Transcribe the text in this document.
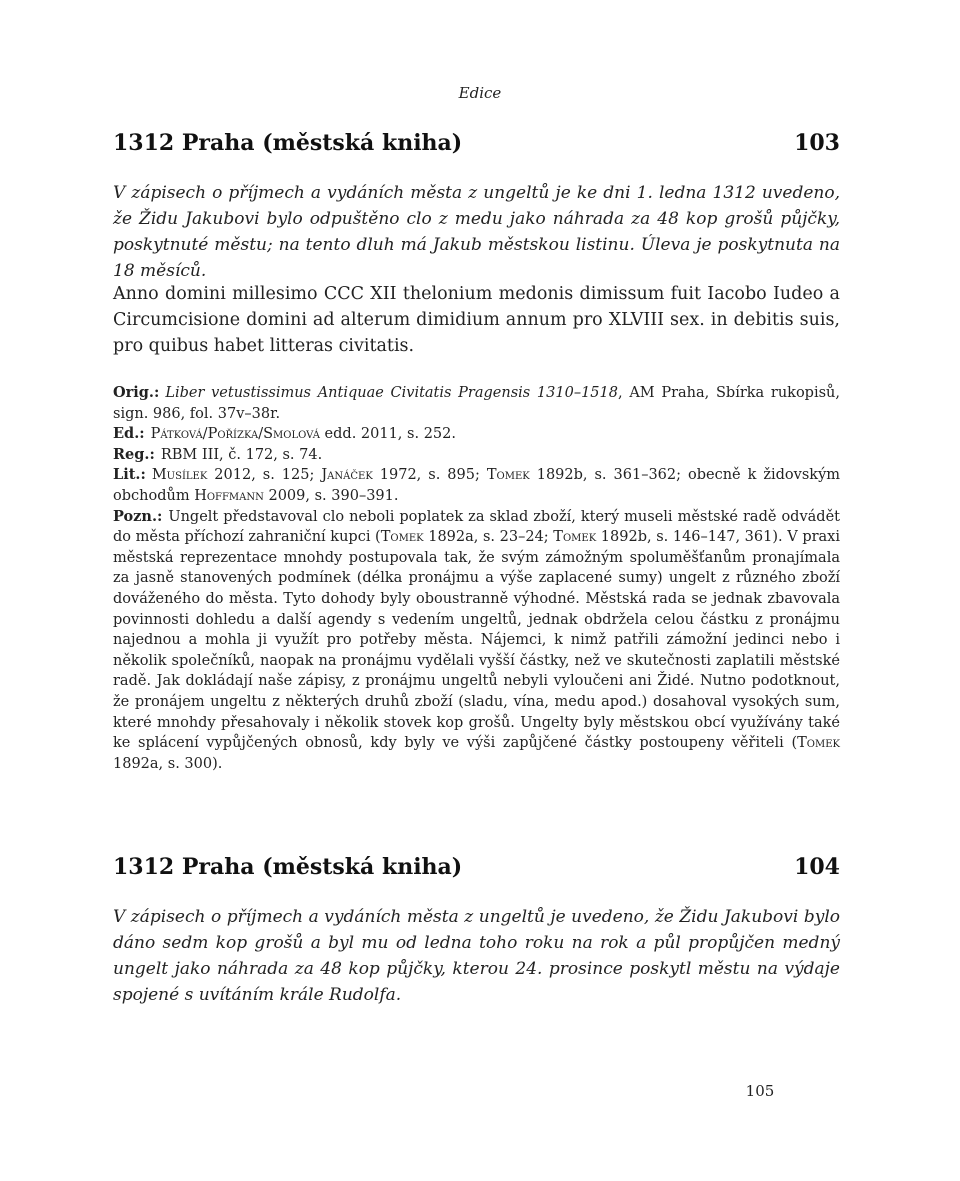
Edice
1312 Praha (městská kniha)	103

V zápisech o příjmech a vydáních města z ungeltů je ke dni 1. ledna 1312 uvedeno, že Židu Jakubovi bylo odpuštěno clo z medu jako náhrada za 48 kop grošů půjčky, poskytnuté městu; na tento dluh má Jakub městskou listinu. Úleva je poskytnuta na 18 měsíců.

Anno domini millesimo CCC XII thelonium medonis dimissum fuit Iacobo Iudeo a Circumcisione domini ad alterum dimidium annum pro XLVIII sex. in debitis suis, pro quibus habet litteras civitatis.

Orig.: Liber vetustissimus Antiquae Civitatis Pragensis 1310–1518, AM Praha, Sbírka rukopisů, sign. 986, fol. 37v–38r.

Ed.: Pátková/Pořízka/Smolová edd. 2011, s. 252.

Reg.: RBM III, č. 172, s. 74.

Lit.: Musílek 2012, s. 125; Janáček 1972, s. 895; Tomek 1892b, s. 361–362; obecně k židovským obchodům Hoffmann 2009, s. 390–391.

Pozn.: Ungelt představoval clo neboli poplatek za sklad zboží, který museli městské radě odvádět do města příchozí zahraniční kupci (Tomek 1892a, s. 23–24; Tomek 1892b, s. 146–147, 361). V praxi městská reprezentace mnohdy postupovala tak, že svým zámožným spoluměšťanům pronajímala za jasně stanovených podmínek (délka pronájmu a výše zaplacené sumy) ungelt z různého zboží dováženého do města. Tyto dohody byly oboustranně výhodné. Městská rada se jednak zbavovala povinnosti dohledu a další agendy s vedením ungeltů, jednak obdržela celou částku z pronájmu najednou a mohla ji využít pro potřeby města. Nájemci, k nimž patřili zámožní jedinci nebo i několik společníků, naopak na pronájmu vydělali vyšší částky, než ve skutečnosti zaplatili městské radě. Jak dokládají naše zápisy, z pronájmu ungeltů nebyli vyloučeni ani Židé. Nutno podotknout, že pronájem ungeltu z některých druhů zboží (sladu, vína, medu apod.) dosahoval vysokých sum, které mnohdy přesahovaly i několik stovek kop grošů. Ungelty byly městskou obcí využívány také ke splácení vypůjčených obnosů, kdy byly ve výši zapůjčené částky postoupeny věřiteli (Tomek 1892a, s. 300).

1312 Praha (městská kniha)	104

V zápisech o příjmech a vydáních města z ungeltů je uvedeno, že Židu Jakubovi bylo dáno sedm kop grošů a byl mu od ledna toho roku na rok a půl propůjčen medný ungelt jako náhrada za 48 kop půjčky, kterou 24. prosince poskytl městu na výdaje spojené s uvítáním krále Rudolfa.

105
